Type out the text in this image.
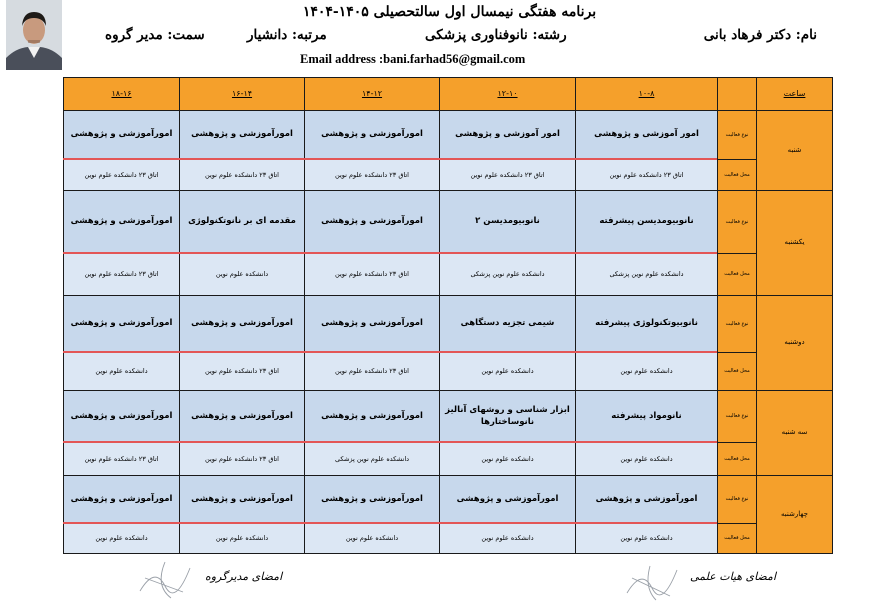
برنامه هفتگی نیمسال اول سالتحصیلی ۱۴۰۵-۱۴۰۴
نام: دکتر فرهاد بانی
رشته: نانوفناوری پزشکی
مرتبه: دانشیار
سمت: مدیر گروه
Email address :bani.farhad56@gmail.com
ساعت
۱۰-۸
۱۲-۱۰
۱۴-۱۲
۱۶-۱۴
۱۸-۱۶
شنبه
نوع فعالیت
محل فعالیت
امور آموزشی و پژوهشی
اتاق ۲۳ دانشکده علوم نوین
امور آموزشی و پژوهشی
اتاق ۲۳ دانشکده علوم نوین
امورآموزشی و پژوهشی
اتاق ۲۳ دانشکده علوم نوین
امورآموزشی و پژوهشی
اتاق ۲۳ دانشکده علوم نوین
امورآموزشی و پژوهشی
اتاق ۲۳ دانشکده علوم نوین
یکشنبه
نوع فعالیت
محل فعالیت
نانوبیومدیسن پیشرفته
دانشکده علوم نوین پزشکی
نانوبیومدیسن ۲
دانشکده علوم نوین پزشکی
امورآموزشی و پژوهشی
اتاق ۲۳ دانشکده علوم نوین
مقدمه ای بر نانوتکنولوژی
دانشکده علوم نوین
امورآموزشی و پژوهشی
اتاق ۲۳ دانشکده علوم نوین
دوشنبه
نوع فعالیت
محل فعالیت
نانوبیوتکنولوژی پیشرفته
دانشکده علوم نوین
شیمی تجزیه دستگاهی
دانشکده علوم نوین
امورآموزشی و پژوهشی
اتاق ۲۳ دانشکده علوم نوین
امورآموزشی و پژوهشی
اتاق ۲۳ دانشکده علوم نوین
امورآموزشی و پژوهشی
دانشکده علوم نوین
سه شنبه
نوع فعالیت
محل فعالیت
نانومواد پیشرفته
دانشکده علوم نوین
ابزار شناسی و روشهای آنالیز نانوساختارها
دانشکده علوم نوین
امورآموزشی و پژوهشی
دانشکده علوم نوین پزشکی
امورآموزشی و پژوهشی
اتاق ۲۳ دانشکده علوم نوین
امورآموزشی و پژوهشی
اتاق ۲۳ دانشکده علوم نوین
چهارشنبه
نوع فعالیت
محل فعالیت
امورآموزشی و پژوهشی
دانشکده علوم نوین
امورآموزشی و پژوهشی
دانشکده علوم نوین
امورآموزشی و پژوهشی
دانشکده علوم نوین
امورآموزشی و پژوهشی
دانشکده علوم نوین
امورآموزشی و پژوهشی
دانشکده علوم نوین
امضای هیات علمی
امضای مدیرگروه
